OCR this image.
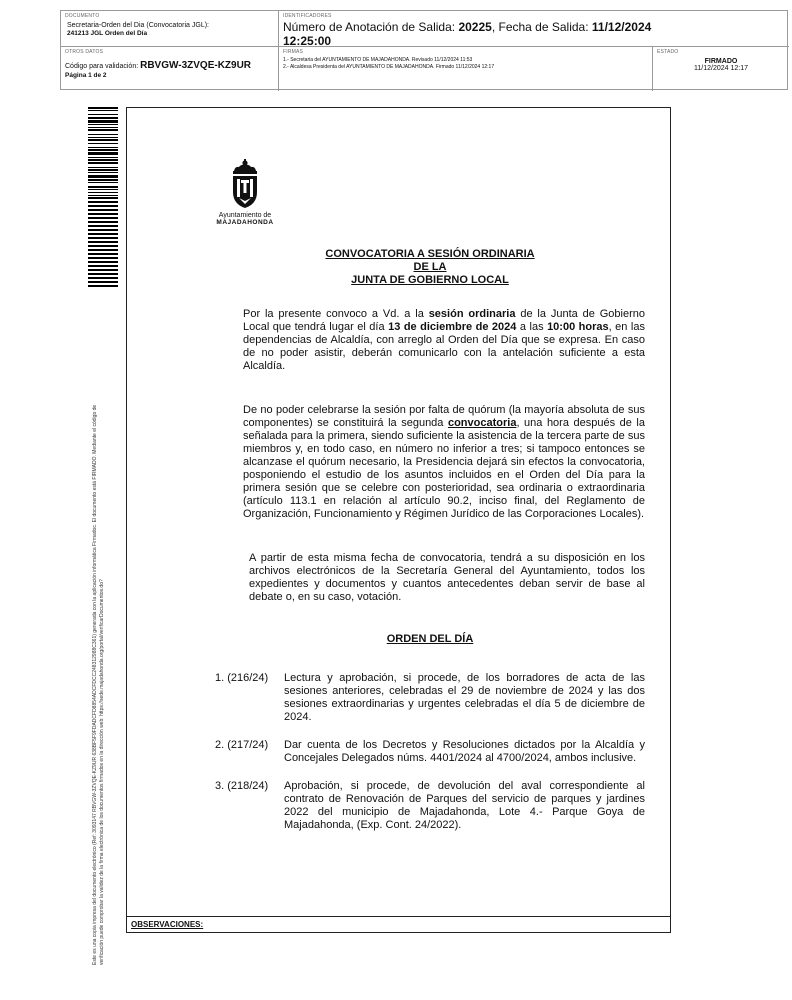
DOCUMENTO
Secretaria-Orden del Dia (Convocatoria JGL):
241213 JGL Orden del Día
IDENTIFICADORES
Número de Anotación de Salida: 20225, Fecha de Salida: 11/12/2024
12:25:00
OTROS DATOS
Código para validación: RBVGW-3ZVQE-KZ9UR
Página 1 de 2
FIRMAS
1.- Secretaria del AYUNTAMIENTO DE MAJADAHONDA. Revisado 11/12/2024 11:53
2.- Alcaldesa Presidenta del AYUNTAMIENTO DE MAJADAHONDA. Firmado 11/12/2024 12:17
ESTADO
FIRMADO
11/12/2024 12:17
Este es una copia impresa del documento electrónico (Ref: 3093147 RBVGW-3ZVQE-KZ9UR 638BF5F9FDADCFD8854ADCFDCC248312988C361) generada con la aplicación informática Firmadoc. El documento está FIRMADO. Mediante el código de verificación puede comprobar la validez de la firma electrónica de los documentos firmados en la dirección web: https://sede.majadahonda.org/portal/verificarDocumentos.do?
Ayuntamiento de
MAJADAHONDA
CONVOCATORIA A SESIÓN ORDINARIA
DE LA
JUNTA DE GOBIERNO LOCAL
Por la presente convoco a Vd. a la sesión ordinaria de la Junta de Gobierno Local que tendrá lugar el día 13 de diciembre de 2024 a las 10:00 horas, en las dependencias de Alcaldía, con arreglo al Orden del Día que se expresa. En caso de no poder asistir, deberán comunicarlo con la antelación suficiente a esta Alcaldía.
De no poder celebrarse la sesión por falta de quórum (la mayoría absoluta de sus componentes) se constituirá la segunda convocatoria, una hora después de la señalada para la primera, siendo suficiente la asistencia de la tercera parte de sus miembros y, en todo caso, en número no inferior a tres; si tampoco entonces se alcanzase el quórum necesario, la Presidencia dejará sin efectos la convocatoria, posponiendo el estudio de los asuntos incluidos en el Orden del Día para la primera sesión que se celebre con posterioridad, sea ordinaria o extraordinaria (artículo 113.1 en relación al artículo 90.2, inciso final, del Reglamento de Organización, Funcionamiento y Régimen Jurídico de las Corporaciones Locales).
A partir de esta misma fecha de convocatoria, tendrá a su disposición en los archivos electrónicos de la Secretaría General del Ayuntamiento, todos los expedientes y documentos y cuantos antecedentes deban servir de base al debate o, en su caso, votación.
ORDEN DEL DÍA
1. (216/24)	Lectura y aprobación, si procede, de los borradores de acta de las sesiones anteriores, celebradas el 29 de noviembre de 2024 y las dos sesiones extraordinarias y urgentes celebradas el día 5 de diciembre de 2024.
2. (217/24)	Dar cuenta de los Decretos y Resoluciones dictados por la Alcaldía y Concejales Delegados núms. 4401/2024 al 4700/2024, ambos inclusive.
3. (218/24)	Aprobación, si procede, de devolución del aval correspondiente al contrato de Renovación de Parques del servicio de parques y jardines 2022 del municipio de Majadahonda, Lote 4.- Parque Goya de Majadahonda, (Exp. Cont. 24/2022).
OBSERVACIONES:
